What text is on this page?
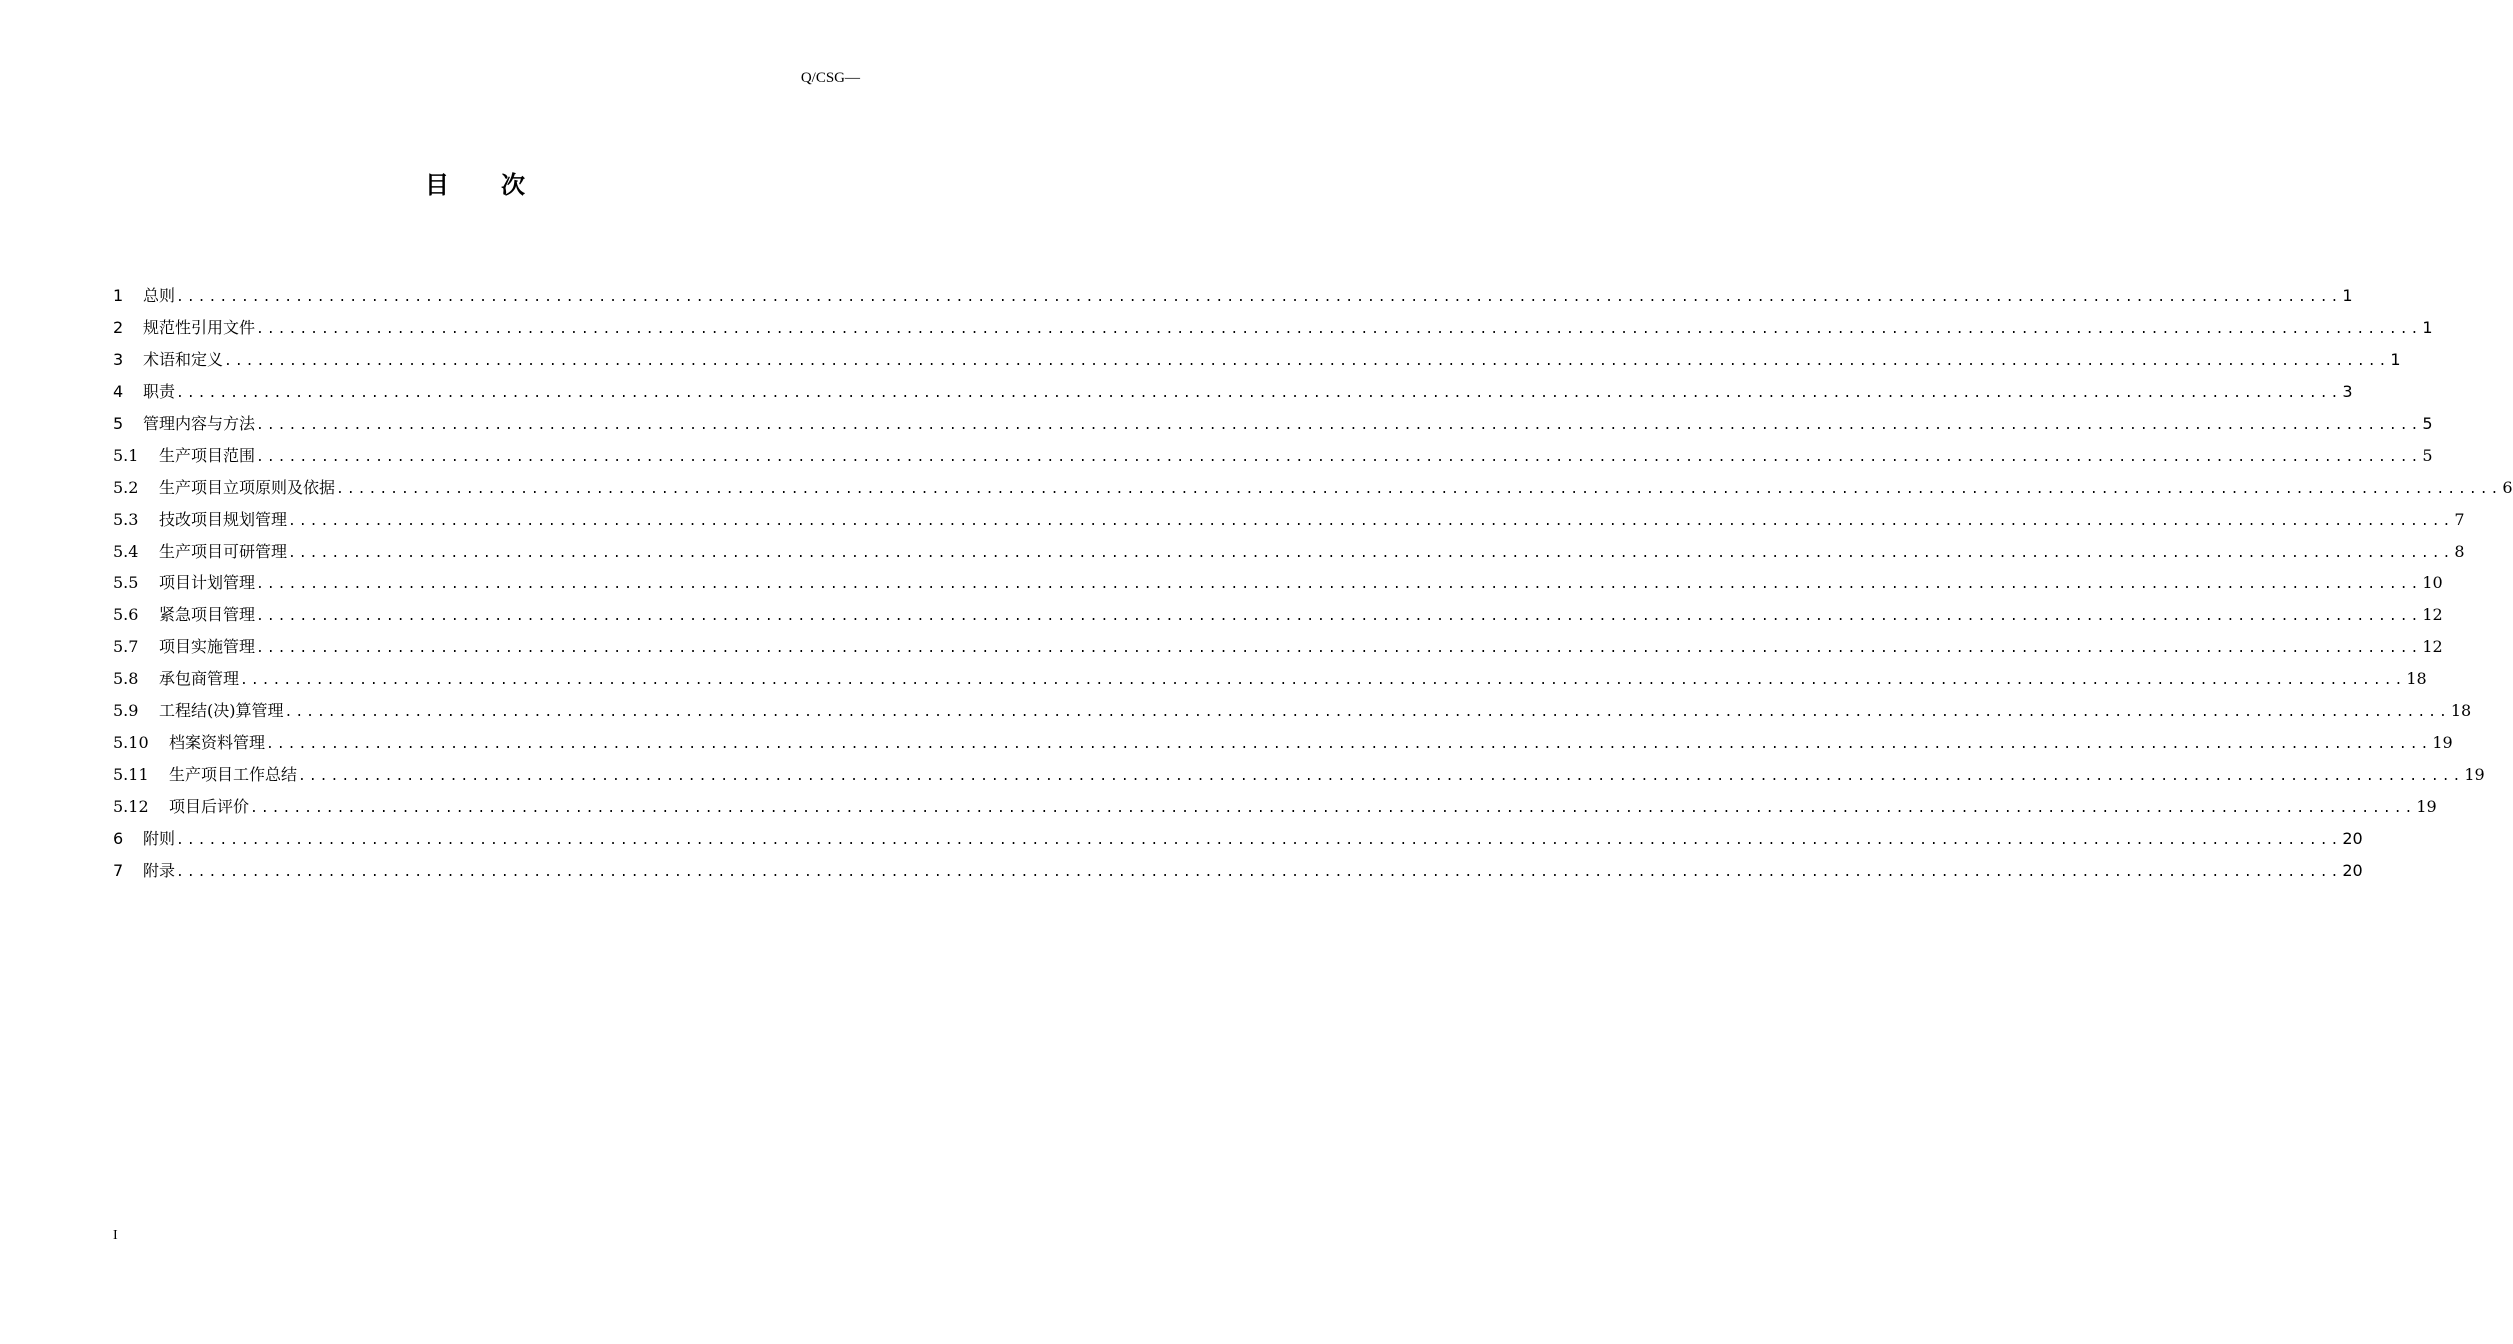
Q/CSG—
目 次
1	总则 ........................................................................................................................................................................................................ 1
2	规范性引用文件 ........................................................................................................................................................................................................ 1
3	术语和定义 ........................................................................................................................................................................................................ 1
4	职责 ........................................................................................................................................................................................................ 3
5	管理内容与方法 ........................................................................................................................................................................................................ 5
5.1	生产项目范围 ........................................................................................................................................................................................................ 5
5.2	生产项目立项原则及依据 ........................................................................................................................................................................................................ 6
5.3	技改项目规划管理 ........................................................................................................................................................................................................ 7
5.4	生产项目可研管理 ........................................................................................................................................................................................................ 8
5.5	项目计划管理 ........................................................................................................................................................................................................ 10
5.6	紧急项目管理 ........................................................................................................................................................................................................ 12
5.7	项目实施管理 ........................................................................................................................................................................................................ 12
5.8	承包商管理 ........................................................................................................................................................................................................ 18
5.9	工程结(决)算管理 ........................................................................................................................................................................................................ 18
5.10	档案资料管理 ........................................................................................................................................................................................................ 19
5.11	生产项目工作总结 ........................................................................................................................................................................................................ 19
5.12	项目后评价 ........................................................................................................................................................................................................ 19
6	附则 ........................................................................................................................................................................................................ 20
7	附录 ........................................................................................................................................................................................................ 20
I
